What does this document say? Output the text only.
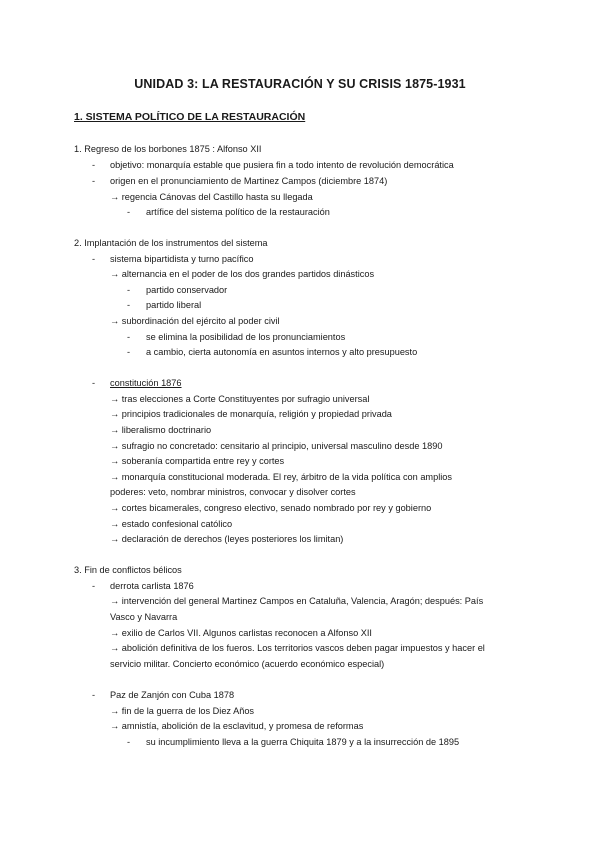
UNIDAD 3: LA RESTAURACIÓN Y SU CRISIS 1875-1931
1. SISTEMA POLÍTICO DE LA RESTAURACIÓN
1. Regreso de los borbones 1875 : Alfonso XII
- objetivo: monarquía estable que pusiera fin a todo intento de revolución democrática
- origen en el pronunciamiento de Martinez Campos (diciembre 1874)
→ regencia Cánovas del Castillo hasta su llegada
- artífice del sistema político de la restauración
2. Implantación de los instrumentos del sistema
- sistema bipartidista y turno pacífico
→ alternancia en el poder de los dos grandes partidos dinásticos
- partido conservador
- partido liberal
→ subordinación del ejército al poder civil
- se elimina la posibilidad de los pronunciamientos
- a cambio, cierta autonomía en asuntos internos y alto presupuesto
- constitución 1876
→ tras elecciones a Corte Constituyentes por sufragio universal
→ principios tradicionales de monarquía, religión y propiedad privada
→ liberalismo doctrinario
→ sufragio no concretado: censitario al principio, universal masculino desde 1890
→ soberanía compartida entre rey y cortes
→ monarquía constitucional moderada. El rey, árbitro de la vida política con amplios
poderes: veto, nombrar ministros, convocar y disolver cortes
→ cortes bicamerales, congreso electivo, senado nombrado por rey y gobierno
→ estado confesional católico
→ declaración de derechos (leyes posteriores los limitan)
3. Fin de conflictos bélicos
- derrota carlista 1876
→ intervención del general Martinez Campos en Cataluña, Valencia, Aragón; después: País
Vasco y Navarra
→ exilio de Carlos VII. Algunos carlistas reconocen a Alfonso XII
→ abolición definitiva de los fueros. Los territorios vascos deben pagar impuestos y hacer el
servicio militar. Concierto económico (acuerdo económico especial)
- Paz de Zanjón con Cuba 1878
→ fin de la guerra de los Diez Años
→ amnistía, abolición de la esclavitud, y promesa de reformas
- su incumplimiento lleva a la guerra Chiquita 1879 y a la insurrección de 1895
